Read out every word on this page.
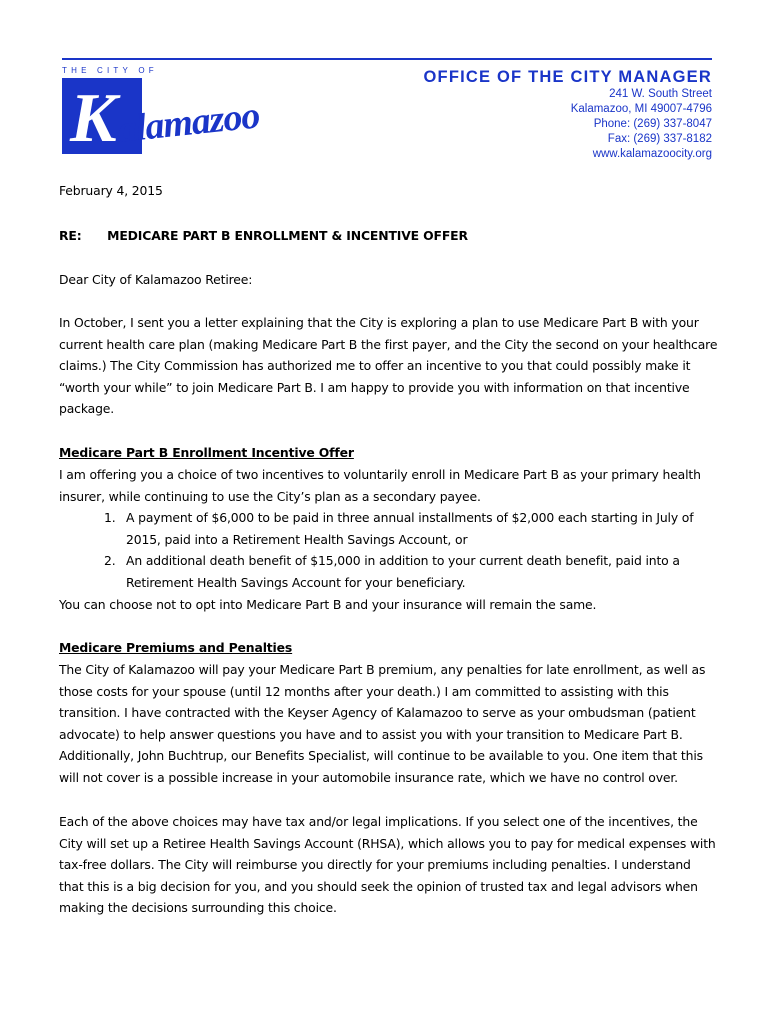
THE CITY OF
K alamazoo
OFFICE OF THE CITY MANAGER
241 W. South Street
Kalamazoo, MI 49007-4796
Phone: (269) 337-8047
Fax: (269) 337-8182
www.kalamazoocity.org
February 4, 2015
RE: MEDICARE PART B ENROLLMENT & INCENTIVE OFFER
Dear City of Kalamazoo Retiree:
In October, I sent you a letter explaining that the City is exploring a plan to use Medicare Part B with your current health care plan (making Medicare Part B the first payer, and the City the second on your healthcare claims.) The City Commission has authorized me to offer an incentive to you that could possibly make it “worth your while” to join Medicare Part B. I am happy to provide you with information on that incentive package.
Medicare Part B Enrollment Incentive Offer
I am offering you a choice of two incentives to voluntarily enroll in Medicare Part B as your primary health insurer, while continuing to use the City’s plan as a secondary payee.
1. A payment of $6,000 to be paid in three annual installments of $2,000 each starting in July of 2015, paid into a Retirement Health Savings Account, or
2. An additional death benefit of $15,000 in addition to your current death benefit, paid into a Retirement Health Savings Account for your beneficiary.
You can choose not to opt into Medicare Part B and your insurance will remain the same.
Medicare Premiums and Penalties
The City of Kalamazoo will pay your Medicare Part B premium, any penalties for late enrollment, as well as those costs for your spouse (until 12 months after your death.) I am committed to assisting with this transition. I have contracted with the Keyser Agency of Kalamazoo to serve as your ombudsman (patient advocate) to help answer questions you have and to assist you with your transition to Medicare Part B. Additionally, John Buchtrup, our Benefits Specialist, will continue to be available to you. One item that this will not cover is a possible increase in your automobile insurance rate, which we have no control over.
Each of the above choices may have tax and/or legal implications. If you select one of the incentives, the City will set up a Retiree Health Savings Account (RHSA), which allows you to pay for medical expenses with tax-free dollars. The City will reimburse you directly for your premiums including penalties. I understand that this is a big decision for you, and you should seek the opinion of trusted tax and legal advisors when making the decisions surrounding this choice.
